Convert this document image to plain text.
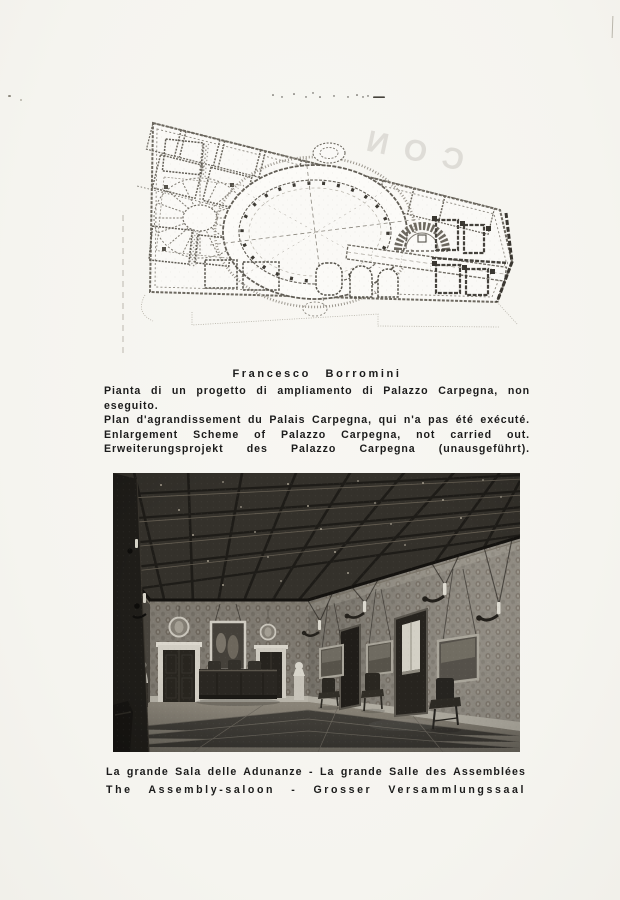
CON
Francesco Borromini
Pianta di un progetto di ampliamento di Palazzo Carpegna, non eseguito.
Plan d'agrandissement du Palais Carpegna, qui n'a pas été exécuté.
Enlargement Scheme of Palazzo Carpegna, not carried out.
Erweiterungsprojekt des Palazzo Carpegna (unausgeführt).
La grande Sala delle Adunanze - La grande Salle des Assemblées
The Assembly-saloon - Grosser Versammlungssaal
